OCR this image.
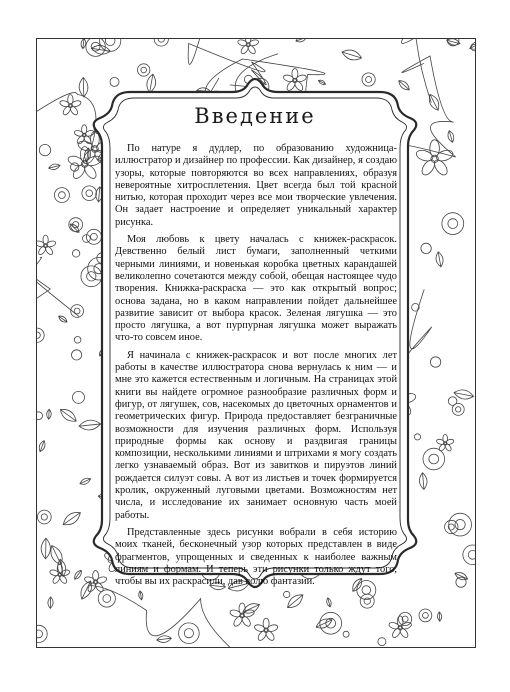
Введение

По натуре я дудлер, по образованию художница-иллюстратор и дизайнер по профессии. Как дизайнер, я создаю узоры, которые повторяются во всех направлениях, образуя невероятные хитросплетения. Цвет всегда был той красной нитью, которая проходит через все мои творческие увлечения. Он задает настроение и определяет уникальный характер рисунка.

Моя любовь к цвету началась с книжек-раскрасок. Девственно белый лист бумаги, заполненный четкими черными линиями, и новенькая коробка цветных карандашей великолепно сочетаются между собой, обещая настоящее чудо творения. Книжка-раскраска — это как открытый вопрос; основа задана, но в каком направлении пойдет дальнейшее развитие зависит от выбора красок. Зеленая лягушка — это просто лягушка, а вот пурпурная лягушка может выражать что-то совсем иное.

Я начинала с книжек-раскрасок и вот после многих лет работы в качестве иллюстратора снова вернулась к ним — и мне это кажется естественным и логичным. На страницах этой книги вы найдете огромное разнообразие различных форм и фигур, от лягушек, сов, насекомых до цветочных орнаментов и геометрических фигур. Природа предоставляет безграничные возможности для изучения различных форм. Используя природные формы как основу и раздвигая границы композиции, несколькими линиями и штрихами я могу создать легко узнаваемый образ. Вот из завитков и пируэтов линий рождается силуэт совы. А вот из листьев и точек формируется кролик, окруженный луговыми цветами. Возможностям нет числа, и исследование их занимает основную часть моей работы.

Представленные здесь рисунки вобрали в себя историю моих тканей, бесконечный узор которых представлен в виде фрагментов, упрощенных и сведенных к наиболее важным линиям и формам. И теперь эти рисунки только ждут того, чтобы вы их раскрасили, дав волю фантазии.
